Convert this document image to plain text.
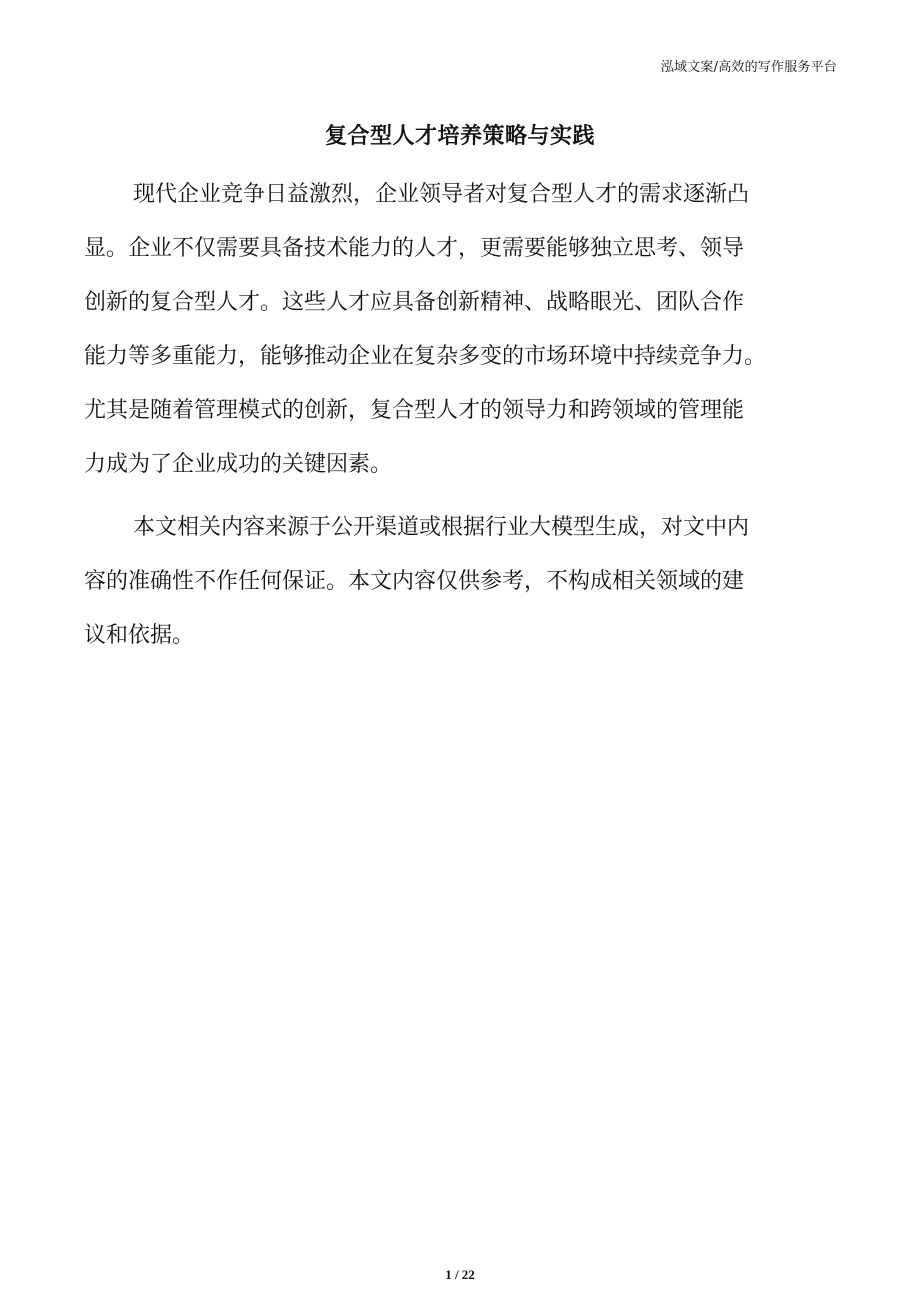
泓域文案/高效的写作服务平台
复合型人才培养策略与实践
现代企业竞争日益激烈，企业领导者对复合型人才的需求逐渐凸
显。企业不仅需要具备技术能力的人才，更需要能够独立思考、领导
创新的复合型人才。这些人才应具备创新精神、战略眼光、团队合作
能力等多重能力，能够推动企业在复杂多变的市场环境中持续竞争力。
尤其是随着管理模式的创新，复合型人才的领导力和跨领域的管理能
力成为了企业成功的关键因素。
本文相关内容来源于公开渠道或根据行业大模型生成，对文中内
容的准确性不作任何保证。本文内容仅供参考，不构成相关领域的建
议和依据。
1 / 22
